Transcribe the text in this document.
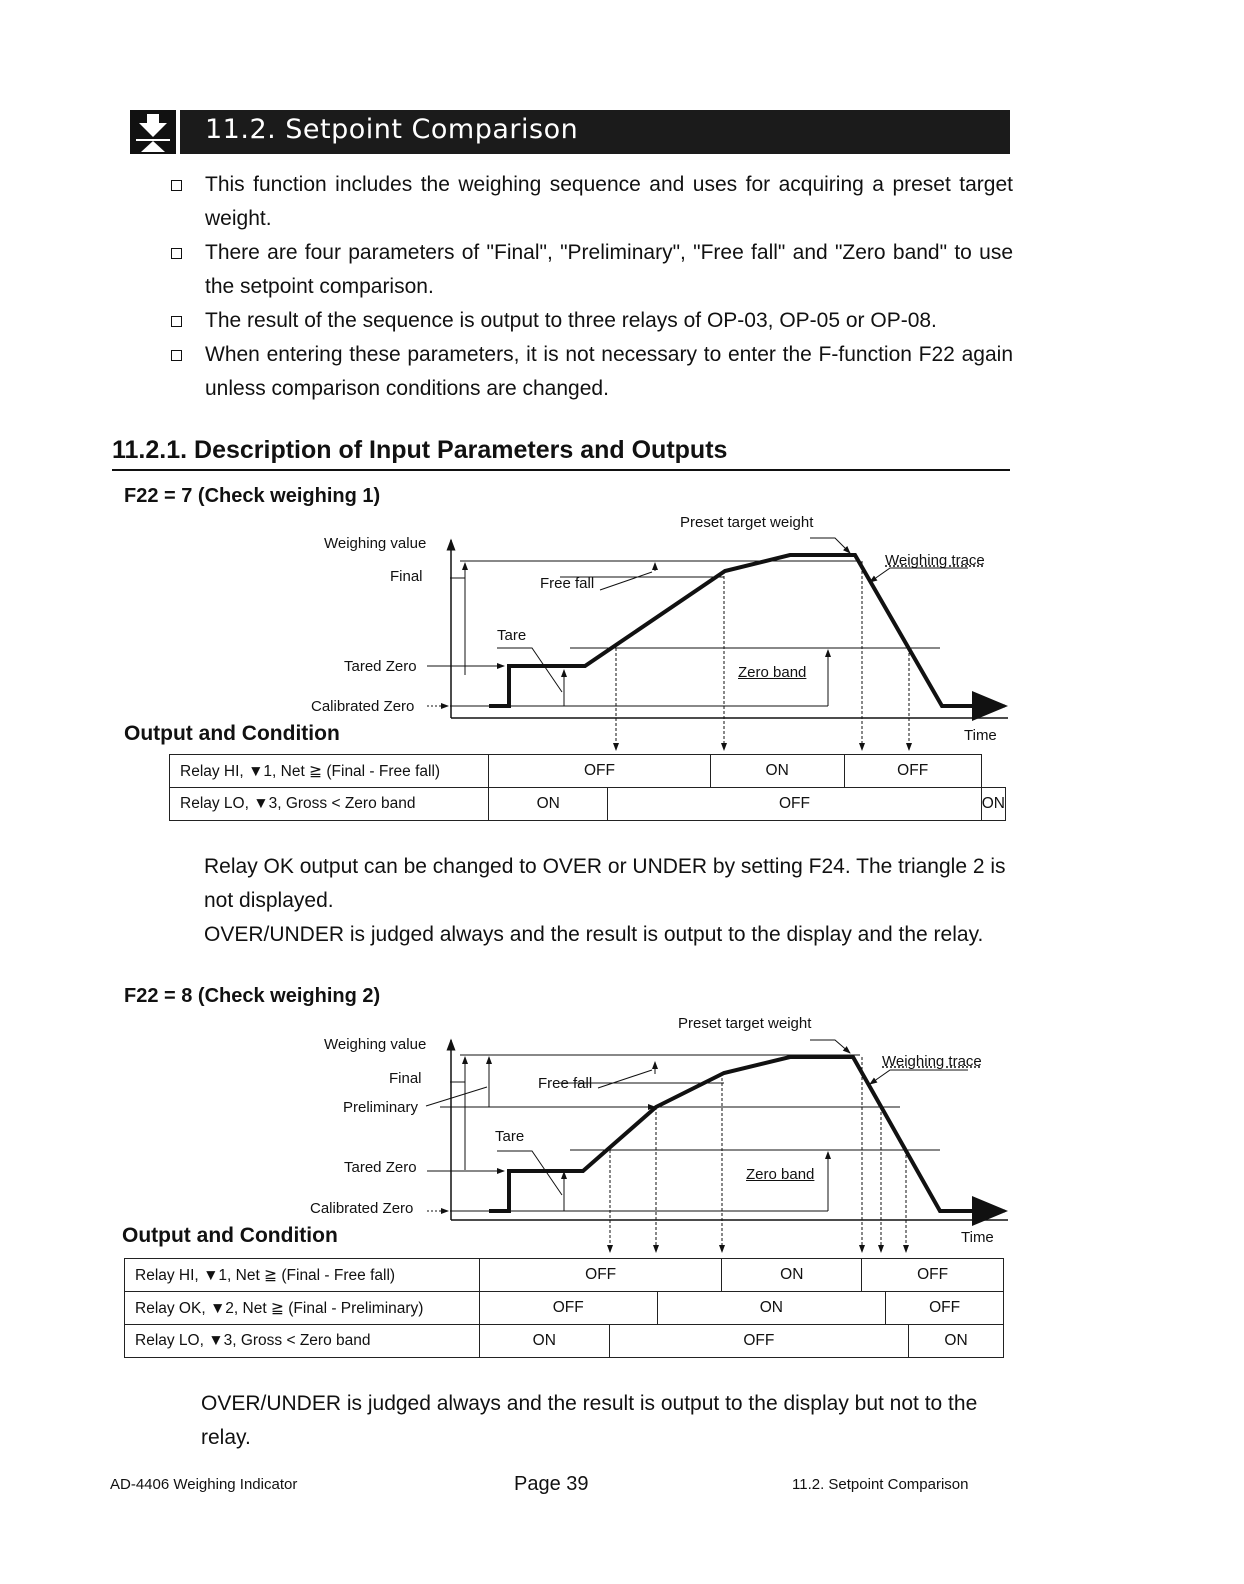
11.2. Setpoint Comparison
This function includes the weighing sequence and uses for acquiring a preset target weight.
There are four parameters of "Final", "Preliminary", "Free fall" and "Zero band" to use the setpoint comparison.
The result of the sequence is output to three relays of OP-03, OP-05 or OP-08.
When entering these parameters, it is not necessary to enter the F-function F22 again unless comparison conditions are changed.
11.2.1. Description of Input Parameters and Outputs
F22 = 7 (Check weighing 1)
Preset target weight
Weighing value
Final	Free fall
Weighing trace
Tare
Tared Zero	Zero band
Calibrated Zero
Time
Output and Condition
Relay HI, ▼1, Net ≧ (Final - Free fall)	OFF		ON	OFF	
Relay LO, ▼3, Gross < Zero band	ON	OFF			ON
Relay OK output can be changed to OVER or UNDER by setting F24. The triangle 2 is not displayed.
OVER/UNDER is judged always and the result is output to the display and the relay.
F22 = 8 (Check weighing 2)
Preset target weight
Weighing value
Final
Preliminary
Free fall
Weighing trace
Tare
Tared Zero	Zero band
Calibrated Zero
Time
Output and Condition
Relay HI, ▼1, Net ≧ (Final - Free fall)	OFF			ON	OFF		
Relay OK, ▼2, Net ≧ (Final - Preliminary)	OFF		ON			OFF	
Relay LO, ▼3, Gross < Zero band	ON	OFF					ON
OVER/UNDER is judged always and the result is output to the display but not to the relay.
AD-4406 Weighing Indicator	Page 39	11.2. Setpoint Comparison
